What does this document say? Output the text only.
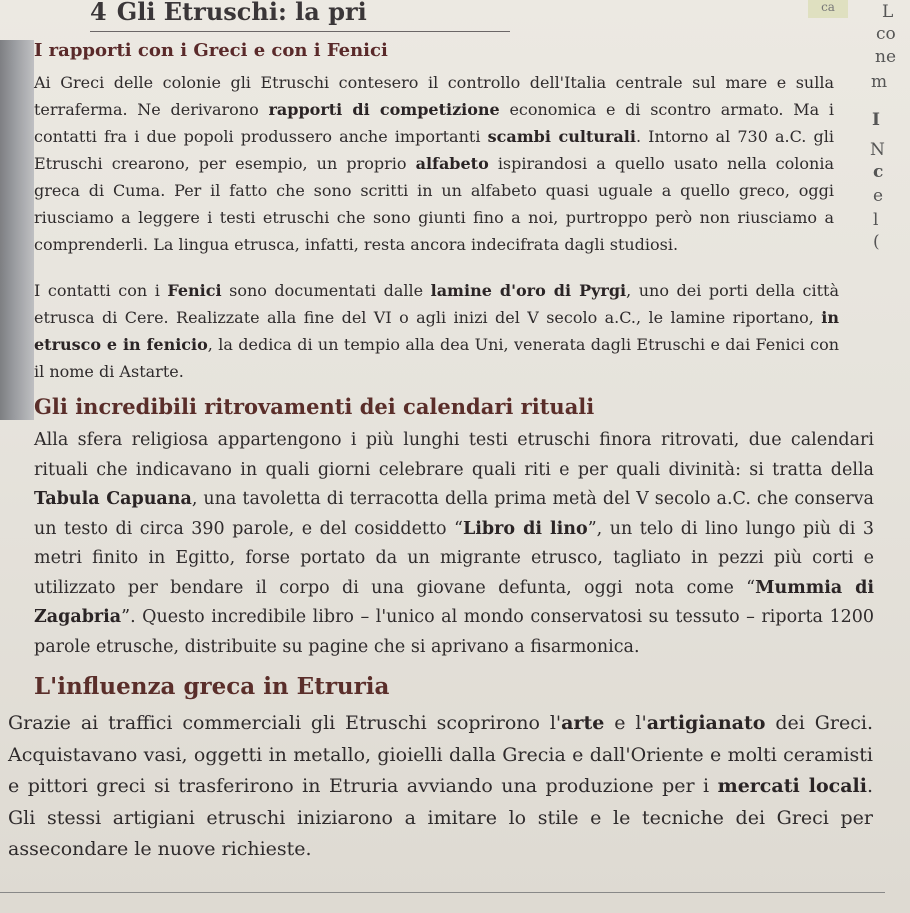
4 Gli Etruschi: la pri	ca	L
co
ne
m
I
N
c
e
l
(
I rapporti con i Greci e con i Fenici
Ai Greci delle colonie gli Etruschi contesero il controllo dell'Italia centrale sul mare e sulla terraferma. Ne derivarono rapporti di competizione economica e di scontro armato. Ma i contatti fra i due popoli produssero anche importanti scambi culturali. Intorno al 730 a.C. gli Etruschi crearono, per esempio, un proprio alfabeto ispirandosi a quello usato nella colonia greca di Cuma. Per il fatto che sono scritti in un alfabeto quasi uguale a quello greco, oggi riusciamo a leggere i testi etruschi che sono giunti fino a noi, purtroppo però non riusciamo a comprenderli. La lingua etrusca, infatti, resta ancora indecifrata dagli studiosi.
I contatti con i Fenici sono documentati dalle lamine d'oro di Pyrgi, uno dei porti della città etrusca di Cere. Realizzate alla fine del VI o agli inizi del V secolo a.C., le lamine riportano, in etrusco e in fenicio, la dedica di un tempio alla dea Uni, venerata dagli Etruschi e dai Fenici con il nome di Astarte.
Gli incredibili ritrovamenti dei calendari rituali
Alla sfera religiosa appartengono i più lunghi testi etruschi finora ritrovati, due calendari rituali che indicavano in quali giorni celebrare quali riti e per quali divinità: si tratta della Tabula Capuana, una tavoletta di terracotta della prima metà del V secolo a.C. che conserva un testo di circa 390 parole, e del cosiddetto “Libro di lino”, un telo di lino lungo più di 3 metri finito in Egitto, forse portato da un migrante etrusco, tagliato in pezzi più corti e utilizzato per bendare il corpo di una giovane defunta, oggi nota come “Mummia di Zagabria”. Questo incredibile libro – l'unico al mondo conservatosi su tessuto – riporta 1200 parole etrusche, distribuite su pagine che si aprivano a fisarmonica.
L'influenza greca in Etruria
Grazie ai traffici commerciali gli Etruschi scoprirono l'arte e l'artigianato dei Greci. Acquistavano vasi, oggetti in metallo, gioielli dalla Grecia e dall'Oriente e molti ceramisti e pittori greci si trasferirono in Etruria avviando una produzione per i mercati locali. Gli stessi artigiani etruschi iniziarono a imitare lo stile e le tecniche dei Greci per assecondare le nuove richieste.
